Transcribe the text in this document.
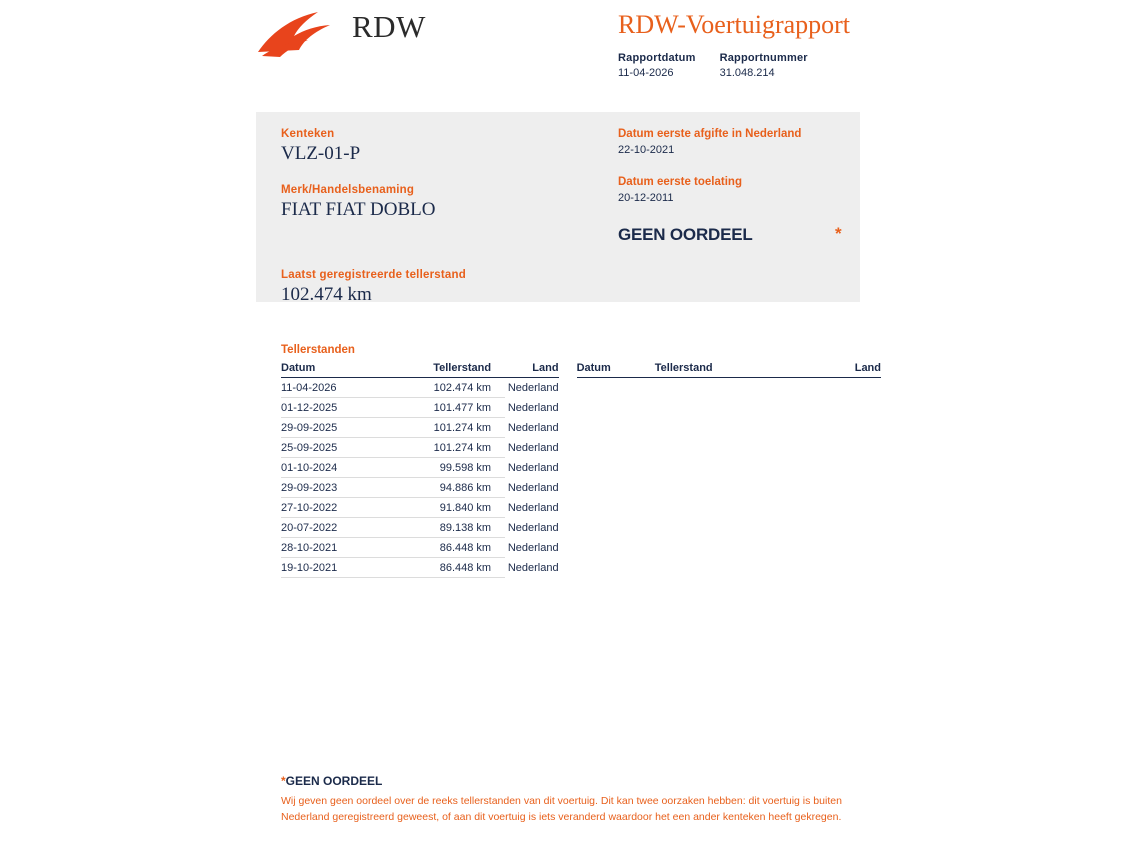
RDW	RDW-Voertuigrapport
Rapportdatum
11-04-2026
Rapportnummer
31.048.214
Kenteken
VLZ-01-P
Merk/Handelsbenaming
FIAT FIAT DOBLO
Laatst geregistreerde tellerstand
102.474 km
Datum eerste afgifte in Nederland
22-10-2021
Datum eerste toelating
20-12-2011
GEEN OORDEEL	*
Tellerstanden
Datum	Tellerstand	Land
11-04-2026	102.474 km	Nederland
01-12-2025	101.477 km	Nederland
29-09-2025	101.274 km	Nederland
25-09-2025	101.274 km	Nederland
01-10-2024	99.598 km	Nederland
29-09-2023	94.886 km	Nederland
27-10-2022	91.840 km	Nederland
20-07-2022	89.138 km	Nederland
28-10-2021	86.448 km	Nederland
19-10-2021	86.448 km	Nederland
Datum	Tellerstand	Land
*GEEN OORDEEL
Wij geven geen oordeel over de reeks tellerstanden van dit voertuig. Dit kan twee oorzaken hebben: dit voertuig is buiten Nederland geregistreerd geweest, of aan dit voertuig is iets veranderd waardoor het een ander kenteken heeft gekregen.
